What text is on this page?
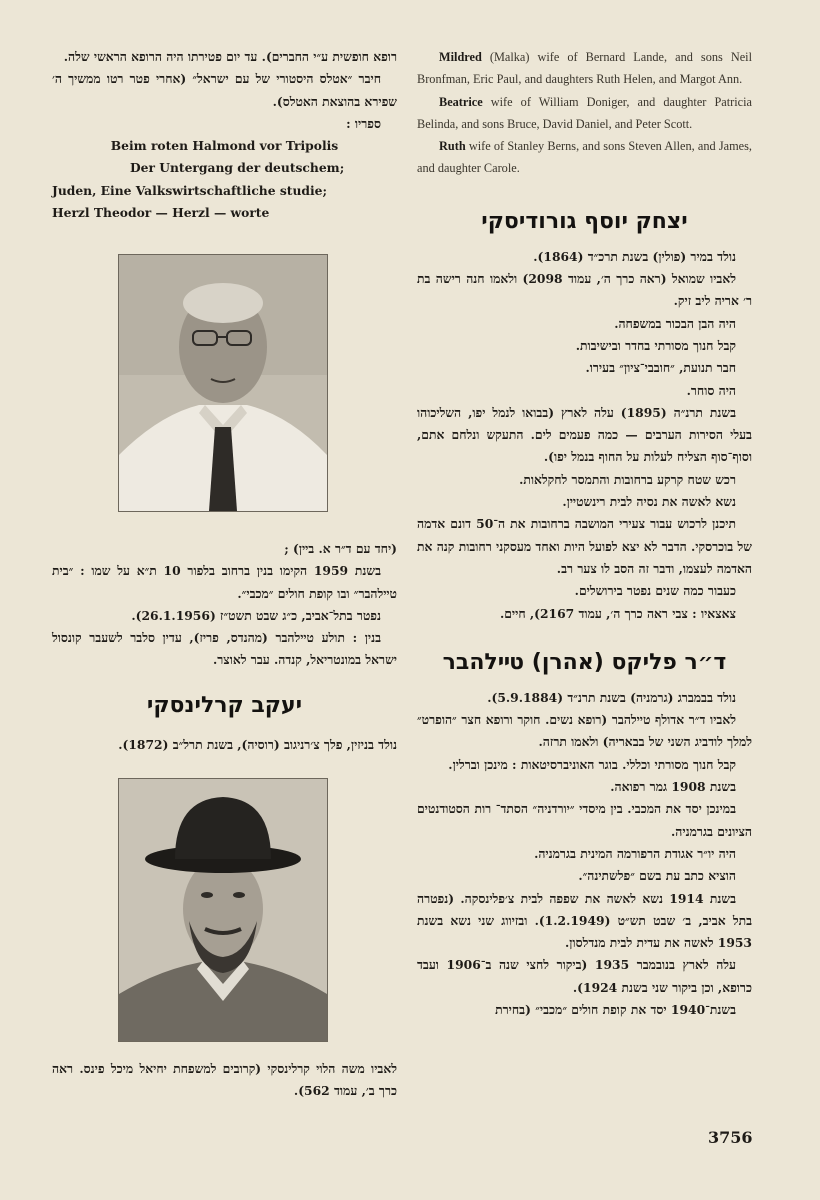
רופא חופשית ע״י החברים). עד יום פטירתו היה הרופא הראשי שלה.

חיבר ״אטלס היסטורי של עם ישראל״ (אחרי פטר רטו ממשיך ה׳ שפירא בהוצאת האטלס).

ספריו :

Beim roten Halmond vor Tripolis

Der Untergang der deutschem;

Juden, Eine Valkswirtschaftliche studie;

Herzl Theodor — Herzl — worte

(יחד עם ד״ר א. בײן) ;

בשנת 1959 הקימו בנין ברחוב בלפור 10 ת״א על שמו : ״בית טײלהבר״ ובו קופת חולים ״מכבי״.

נפטר בתל־אביב, כ״ג שבט תשט״ז (26.1.1956).

בנין : תולע טײלהבר (מהנדס, פריז), עדין סלבר לשעבר קונסול ישראל במונטריאל, קנדה. עבר לאוצר.

יעקב קרלינסקי

נולד בניזין, פלך צ׳רניגוב (רוסיה), בשנת תרל״ב (1872).

לאביו משה הלוי קרלינסקי (קרובים למשפחת יחיאל מיכל פינס. ראה כרך ב׳, עמוד 562).

Mildred (Malka) wife of Bernard Lande, and sons Neil Bronfman, Eric Paul, and daughters Ruth Helen, and Margot Ann.

Beatrice wife of William Doniger, and daughter Patricia Belinda, and sons Bruce, David Daniel, and Peter Scott.

Ruth wife of Stanley Berns, and sons Steven Allen, and James, and daughter Carole.

יצחק יוסף גורודיסקי

נולד במיר (פולין) בשנת תרכ״ד (1864).

לאביו שמואל (ראה כרך ה׳, עמוד 2098) ולאמו חנה רישה בת ר׳ אריה ליב זיק.

היה הבן הבכור במשפחה.

קבל חנוך מסורתי בחדר ובישיבות.

חבר תנועת, ״חובבי־ציון״ בעירו.

היה סוחר.

בשנת תרנ״ה (1895) עלה לארץ (בבואו לנמל יפו, השליכוהו בעלי הסירות הערבים — כמה פעמים לים. התעקש ונלחם אתם, וסוף־סוף הצליח לעלות על החוף בנמל יפו).

רכש שטח קרקע ברחובות והתמסר לחקלאות.

נשא לאשה את נסיה לבית רינשטײן.

תיכנן לרכוש עבור צעירי המושבה ברחובות את ה־50 דונם אדמה של בוכרסקי. הדבר לא יצא לפועל היות ואחד מעסקני רחובות קנה את האדמה לעצמו, ודבר זה הסב לו צער רב.

כעבור כמה שנים נפטר בירושלים.

צאצאיו : צבי ראה כרך ה׳, עמוד 2167), חיים.

ד״ר פליקס (אהרן) טײלהבר

נולד בבמברג (גרמניה) בשנת תרנ״ד (5.9.1884).

לאביו ד״ר אדולף טײלהבר (רופא נשים. חוקר ורופא חצר ״הופרט״ למלך לודביג השני של בבאריה) ולאמו תרזה.

קבל חנוך מסורתי וכללי. בוגר האוניברסיטאות : מינכן וברלין.

בשנת 1908 גמר רפואה.

במינכן יסד את המכבי. בין מיסדי ״יורדניה״ הסתד־ רות הסטודנטים הציונים בגרמניה.

היה יו״ר אגודת הרפורמה המינית בגרמניה.

הוציא כתב עת בשם ״פלשתינה״.

בשנת 1914 נשא לאשה את שפפה לבית צ׳פלינסקה. (נפטרה בתל אביב, ב׳ שבט תש״ט (1.2.1949). ובזיווג שני נשא בשנת 1953 לאשה את עדית לבית מנדלסון.

עלה לארץ בנובמבר 1935 (ביקור לחצי שנה ב־1906 ועבד כרופא, וכן ביקור שני בשנת 1924).

בשנת־1940 יסד את קופת חולים ״מכבי״ (בחירת

3756
